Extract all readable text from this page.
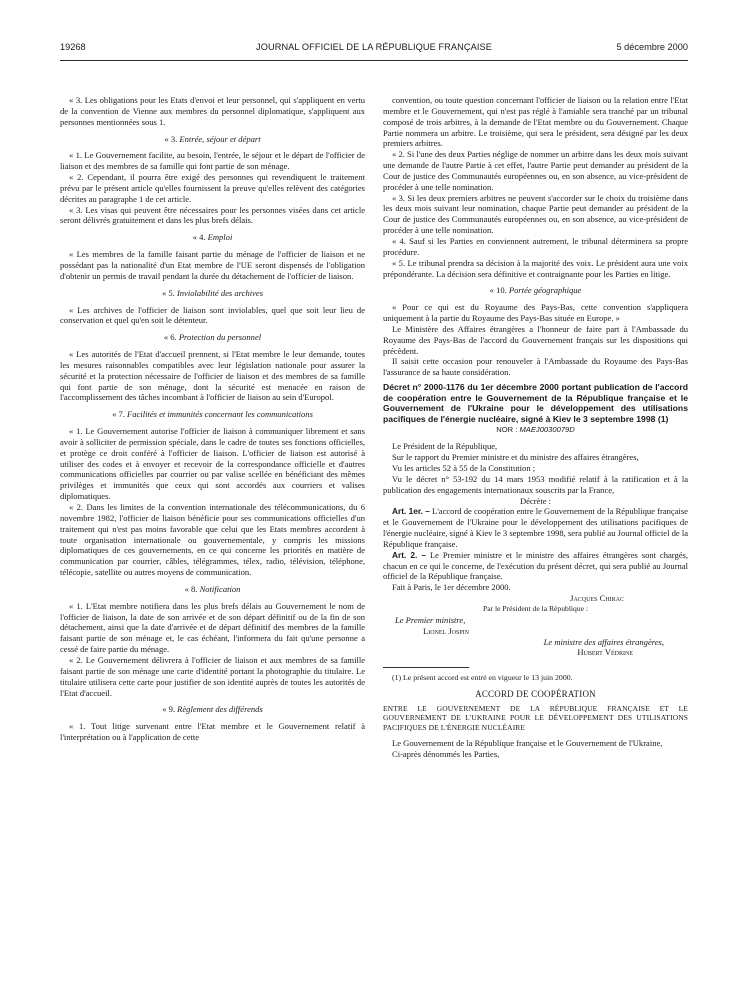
19268	JOURNAL OFFICIEL DE LA RÉPUBLIQUE FRANÇAISE	5 décembre 2000

« 3. Les obligations pour les Etats d'envoi et leur personnel, qui s'appliquent en vertu de la convention de Vienne aux membres du personnel diplomatique, s'appliquent aux personnes mentionnées sous 1.

« 3. Entrée, séjour et départ

« 1. Le Gouvernement facilite, au besoin, l'entrée, le séjour et le départ de l'officier de liaison et des membres de sa famille qui font partie de son ménage.

« 2. Cependant, il pourra être exigé des personnes qui revendiquent le traitement prévu par le présent article qu'elles fournissent la preuve qu'elles relèvent des catégories décrites au paragraphe 1 de cet article.

« 3. Les visas qui peuvent être nécessaires pour les personnes visées dans cet article seront délivrés gratuitement et dans les plus brefs délais.

« 4. Emploi

« Les membres de la famille faisant partie du ménage de l'officier de liaison et ne possédant pas la nationalité d'un Etat membre de l'UE seront dispensés de l'obligation d'obtenir un permis de travail pendant la durée du détachement de l'officier de liaison.

« 5. Inviolabilité des archives

« Les archives de l'officier de liaison sont inviolables, quel que soit leur lieu de conservation et quel qu'en soit le détenteur.

« 6. Protection du personnel

« Les autorités de l'Etat d'accueil prennent, si l'Etat membre le leur demande, toutes les mesures raisonnables compatibles avec leur législation nationale pour assurer la sécurité et la protection nécessaire de l'officier de liaison et des membres de sa famille qui font partie de son ménage, dont la sécurité est menacée en raison de l'accomplissement des tâches incombant à l'officier de liaison au sein d'Europol.

« 7. Facilités et immunités concernant les communications

« 1. Le Gouvernement autorise l'officier de liaison à communiquer librement et sans avoir à solliciter de permission spéciale, dans le cadre de toutes ses fonctions officielles, et protège ce droit conféré à l'officier de liaison. L'officier de liaison est autorisé à utiliser des codes et à envoyer et recevoir de la correspondance officielle et d'autres communications officielles par courrier ou par valise scellée en bénéficiant des mêmes privilèges et immunités que ceux qui sont accordés aux courriers et valises diplomatiques.

« 2. Dans les limites de la convention internationale des télécommunications, du 6 novembre 1982, l'officier de liaison bénéficie pour ses communications officielles d'un traitement qui n'est pas moins favorable que celui que les Etats membres accordent à toute organisation internationale ou gouvernementale, y compris les missions diplomatiques de ces gouvernements, en ce qui concerne les priorités en matière de communication par courrier, câbles, télégrammes, télex, radio, télévision, téléphone, télécopie, satellite ou autres moyens de communication.

« 8. Notification

« 1. L'Etat membre notifiera dans les plus brefs délais au Gouvernement le nom de l'officier de liaison, la date de son arrivée et de son départ définitif ou de la fin de son détachement, ainsi que la date d'arrivée et de départ définitif des membres de la famille faisant partie de son ménage et, le cas échéant, l'informera du fait qu'une personne a cessé de faire partie du ménage.

« 2. Le Gouvernement délivrera à l'officier de liaison et aux membres de sa famille faisant partie de son ménage une carte d'identité portant la photographie du titulaire. Le titulaire utilisera cette carte pour justifier de son identité auprès de toutes les autorités de l'Etat d'accueil.

« 9. Règlement des différends

« 1. Tout litige survenant entre l'Etat membre et le Gouvernement relatif à l'interprétation ou à l'application de cette

convention, ou toute question concernant l'officier de liaison ou la relation entre l'Etat membre et le Gouvernement, qui n'est pas réglé à l'amiable sera tranché par un tribunal composé de trois arbitres, à la demande de l'Etat membre ou du Gouvernement. Chaque Partie nommera un arbitre. Le troisième, qui sera le président, sera désigné par les deux premiers arbitres.

« 2. Si l'une des deux Parties néglige de nommer un arbitre dans les deux mois suivant une demande de l'autre Partie à cet effet, l'autre Partie peut demander au président de la Cour de justice des Communautés européennes ou, en son absence, au vice-président de procéder à une telle nomination.

« 3. Si les deux premiers arbitres ne peuvent s'accorder sur le choix du troisième dans les deux mois suivant leur nomination, chaque Partie peut demander au président de la Cour de justice des Communautés européennes ou, en son absence, au vice-président de procéder à une telle nomination.

« 4. Sauf si les Parties en conviennent autrement, le tribunal déterminera sa propre procédure.

« 5. Le tribunal prendra sa décision à la majorité des voix. Le président aura une voix prépondérante. La décision sera définitive et contraignante pour les Parties en litige.

« 10. Portée géographique

« Pour ce qui est du Royaume des Pays-Bas, cette convention s'appliquera uniquement à la partie du Royaume des Pays-Bas située en Europe. »

Le Ministère des Affaires étrangères a l'honneur de faire part à l'Ambassade du Royaume des Pays-Bas de l'accord du Gouvernement français sur les dispositions qui précèdent.

Il saisit cette occasion pour renouveler à l'Ambassade du Royaume des Pays-Bas l'assurance de sa haute considération.

Décret n° 2000-1176 du 1er décembre 2000 portant publication de l'accord de coopération entre le Gouvernement de la République française et le Gouvernement de l'Ukraine pour le développement des utilisations pacifiques de l'énergie nucléaire, signé à Kiev le 3 septembre 1998 (1)
NOR : MAEJ0030079D

Le Président de la République,

Sur le rapport du Premier ministre et du ministre des affaires étrangères,

Vu les articles 52 à 55 de la Constitution ;

Vu le décret n° 53-192 du 14 mars 1953 modifié relatif à la ratification et à la publication des engagements internationaux souscrits par la France,

Décrète :

Art. 1er. – L'accord de coopération entre le Gouvernement de la République française et le Gouvernement de l'Ukraine pour le développement des utilisations pacifiques de l'énergie nucléaire, signé à Kiev le 3 septembre 1998, sera publié au Journal officiel de la République française.

Art. 2. – Le Premier ministre et le ministre des affaires étrangères sont chargés, chacun en ce qui le concerne, de l'exécution du présent décret, qui sera publié au Journal officiel de la République française.

Fait à Paris, le 1er décembre 2000.

Jacques Chirac
Par le Président de la République :
Le Premier ministre,
Lionel Jospin
Le ministre des affaires étrangères,
Hubert Védrine

(1) Le présent accord est entré en vigueur le 13 juin 2000.

ACCORD DE COOPÉRATION
ENTRE LE GOUVERNEMENT DE LA RÉPUBLIQUE FRANÇAISE ET LE GOUVERNEMENT DE L'UKRAINE POUR LE DÉVELOPPEMENT DES UTILISATIONS PACIFIQUES DE L'ÉNERGIE NUCLÉAIRE

Le Gouvernement de la République française et le Gouvernement de l'Ukraine,

Ci-après dénommés les Parties,
